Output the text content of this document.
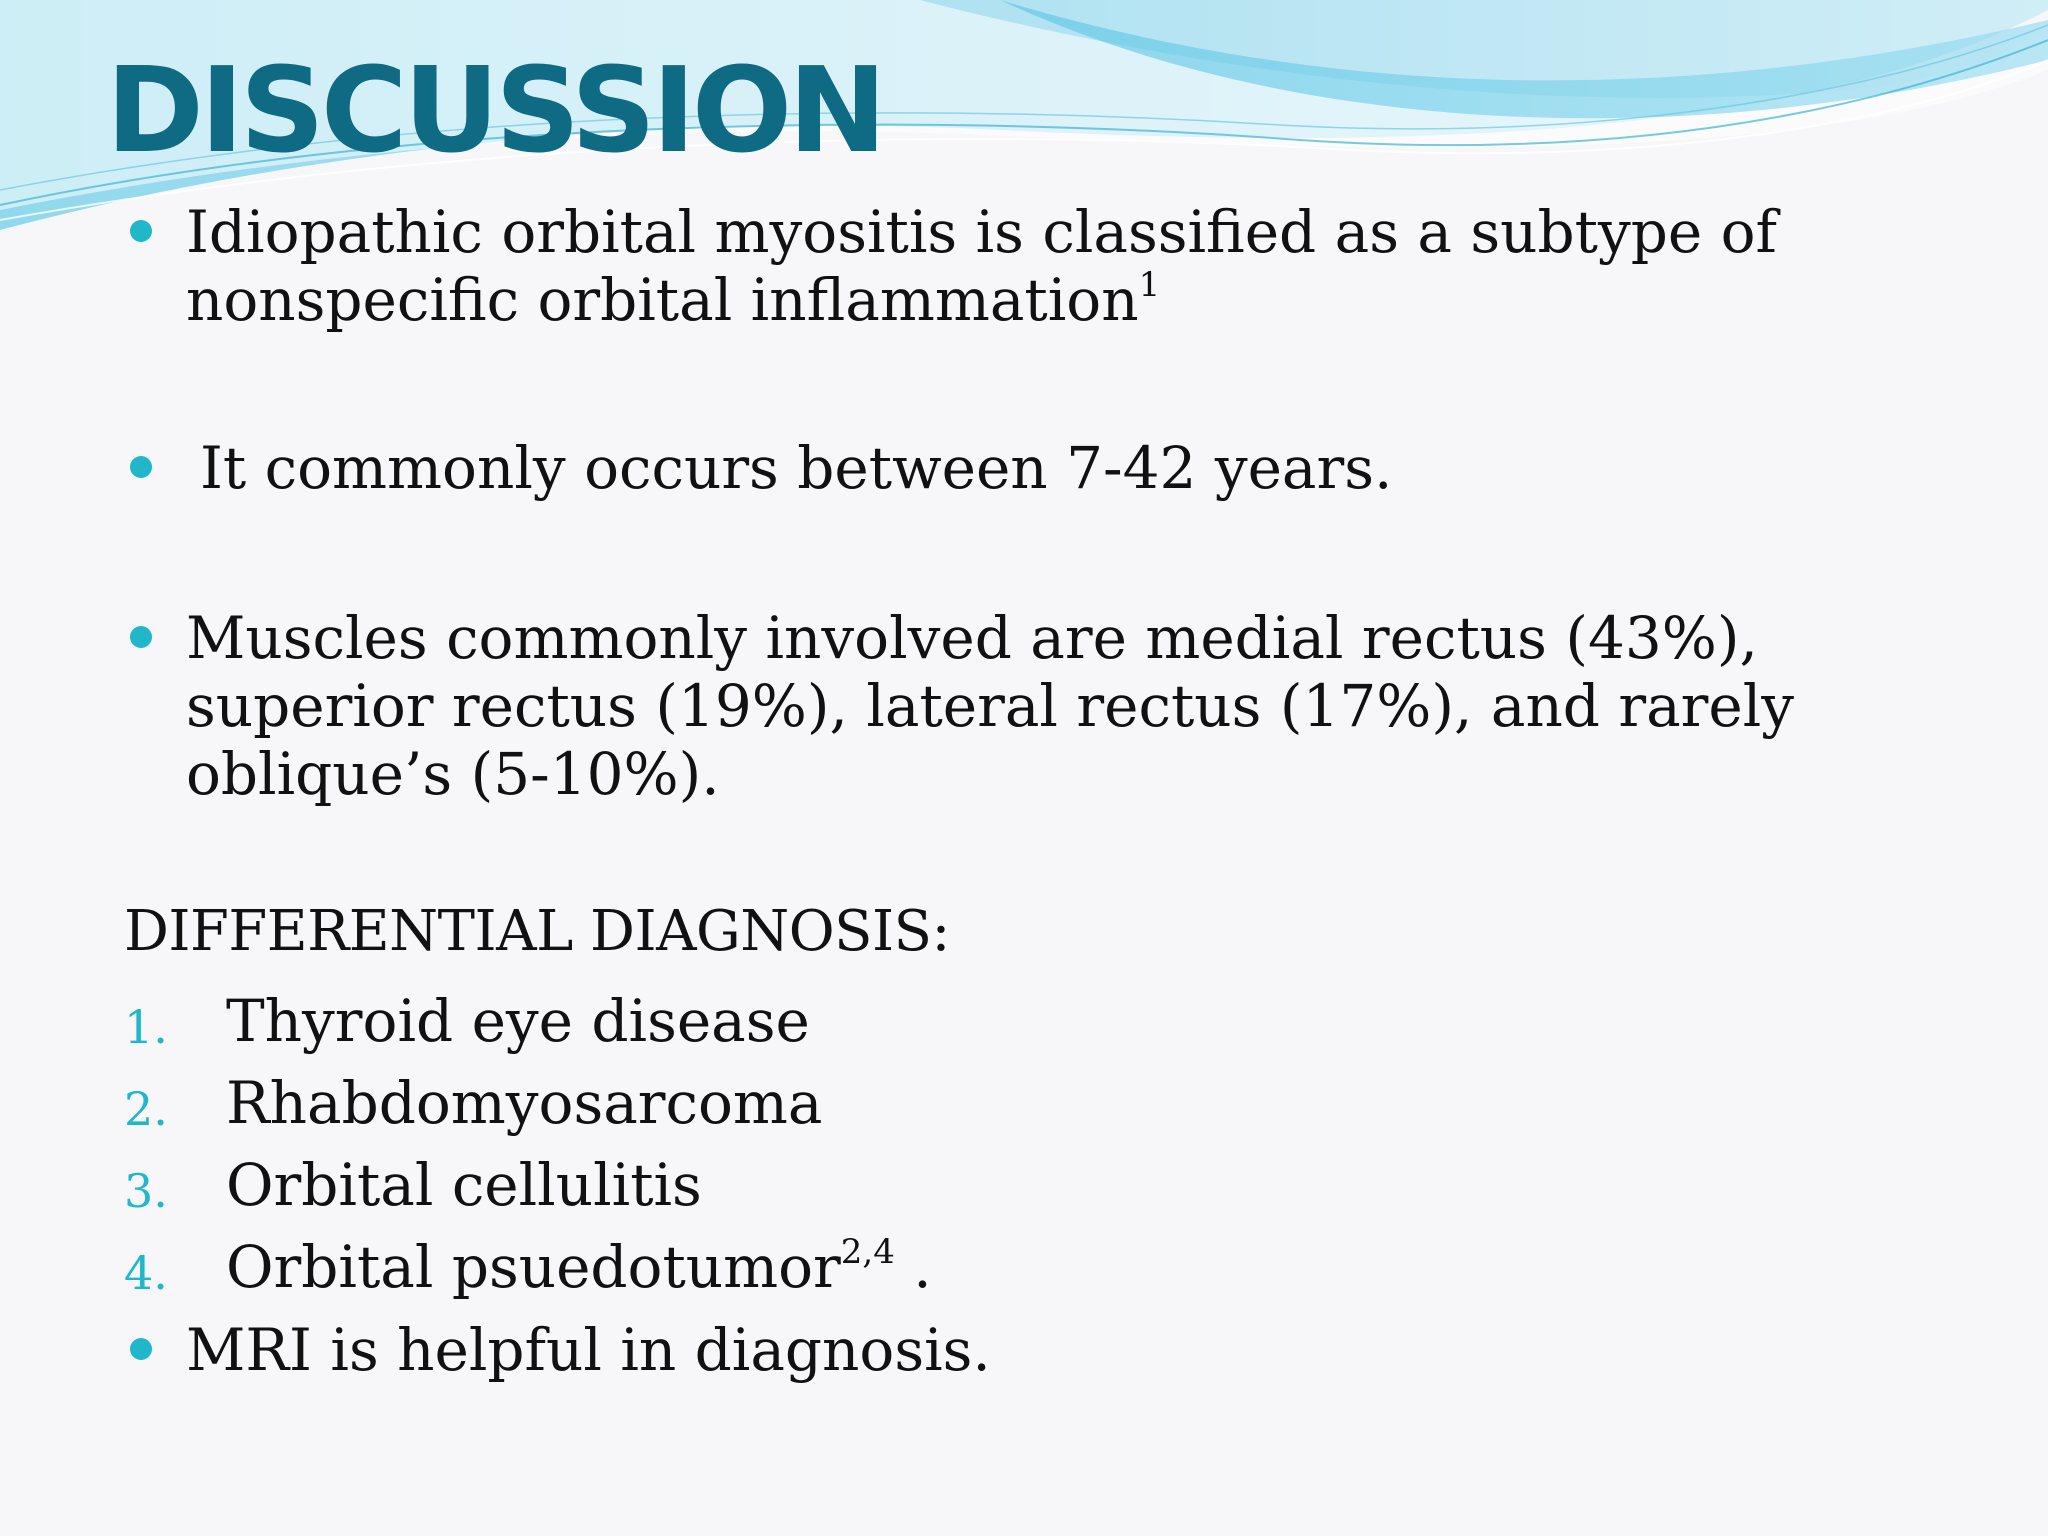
DISCUSSION
Idiopathic orbital myositis is classified as a subtype of nonspecific orbital inflammation$^1$
It commonly occurs between 7-42 years.
Muscles commonly involved are medial rectus (43%), superior rectus (19%), lateral rectus (17%), and rarely oblique’s (5-10%).
DIFFERENTIAL DIAGNOSIS:
1. Thyroid eye disease
2. Rhabdomyosarcoma
3. Orbital cellulitis
4. Orbital psuedotumor$^{2,4}$ .
MRI is helpful in diagnosis.
